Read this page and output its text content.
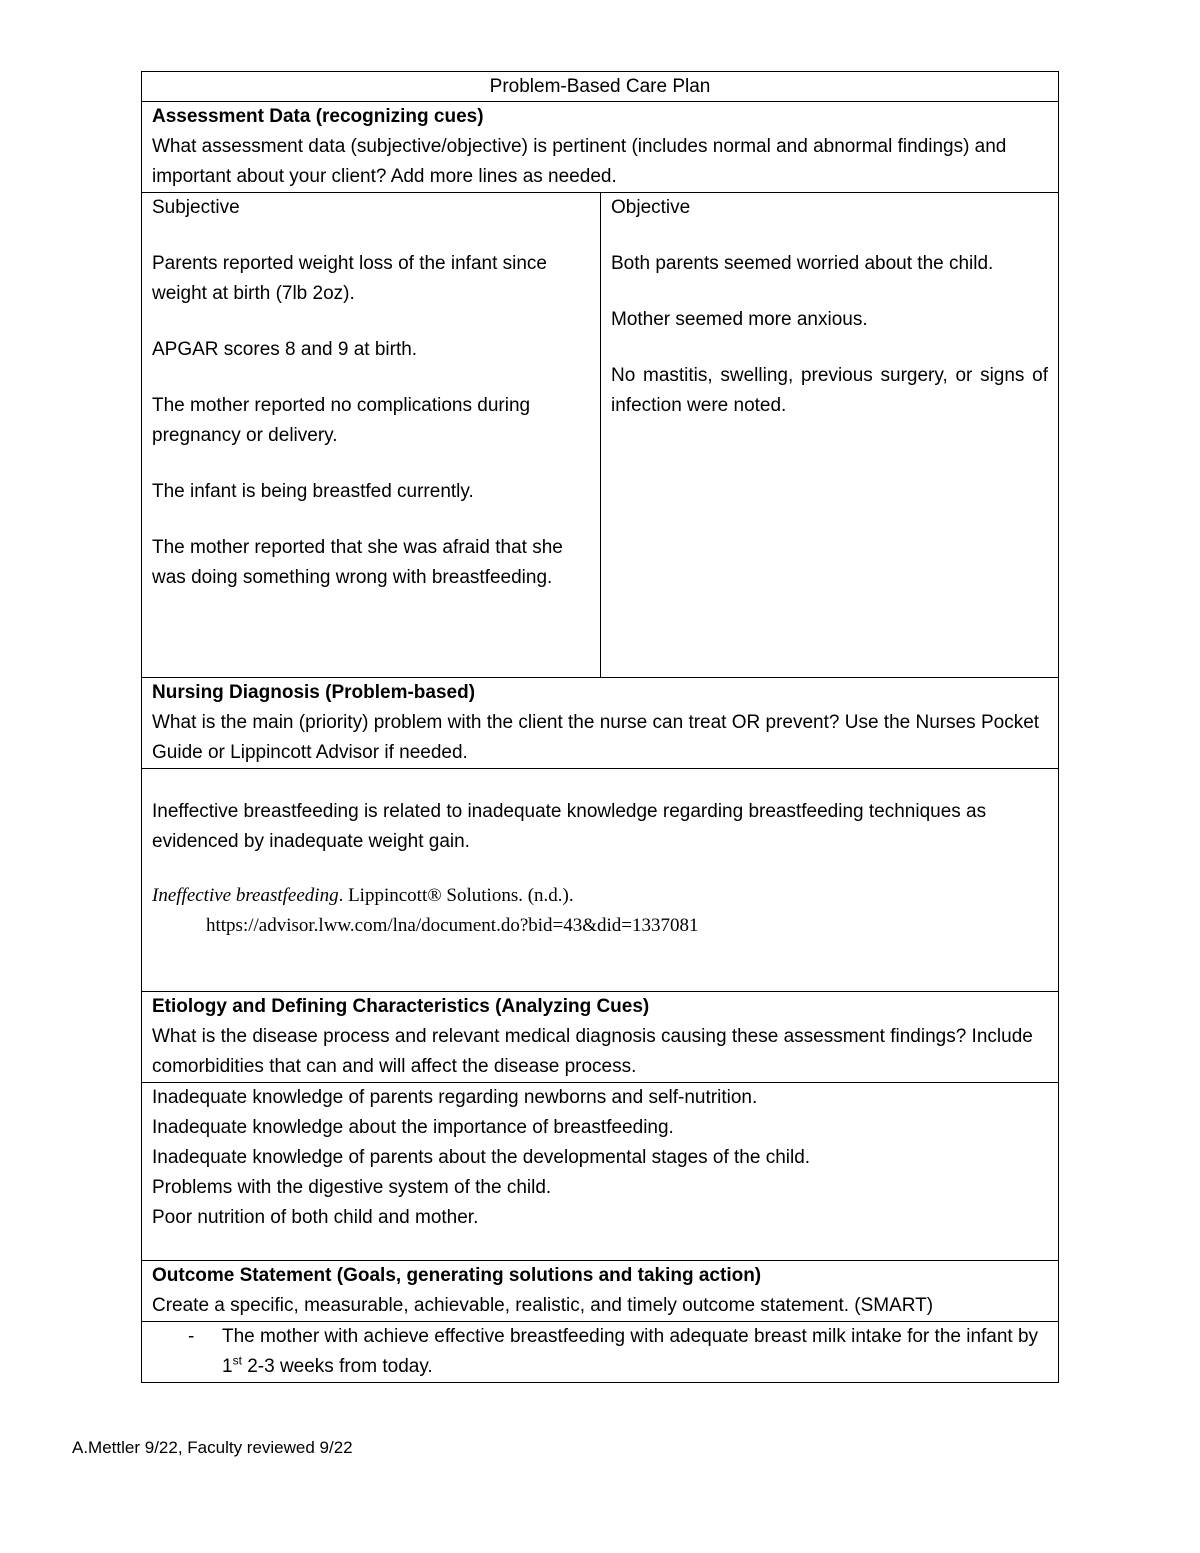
Problem-Based Care Plan
Assessment Data (recognizing cues)
What assessment data (subjective/objective) is pertinent (includes normal and abnormal findings) and important about your client? Add more lines as needed.
Subjective

Parents reported weight loss of the infant since weight at birth (7lb 2oz).

APGAR scores 8 and 9 at birth.

The mother reported no complications during pregnancy or delivery.

The infant is being breastfed currently.

The mother reported that she was afraid that she was doing something wrong with breastfeeding.

Objective

Both parents seemed worried about the child.

Mother seemed more anxious.

No mastitis, swelling, previous surgery, or signs of infection were noted.

Nursing Diagnosis (Problem-based)
What is the main (priority) problem with the client the nurse can treat OR prevent? Use the Nurses Pocket Guide or Lippincott Advisor if needed.

Ineffective breastfeeding is related to inadequate knowledge regarding breastfeeding techniques as evidenced by inadequate weight gain.

Ineffective breastfeeding. Lippincott® Solutions. (n.d.).
https://advisor.lww.com/lna/document.do?bid=43&did=1337081
Etiology and Defining Characteristics (Analyzing Cues)
What is the disease process and relevant medical diagnosis causing these assessment findings? Include comorbidities that can and will affect the disease process.
Inadequate knowledge of parents regarding newborns and self-nutrition.
Inadequate knowledge about the importance of breastfeeding.
Inadequate knowledge of parents about the developmental stages of the child.
Problems with the digestive system of the child.
Poor nutrition of both child and mother.
Outcome Statement (Goals, generating solutions and taking action)
Create a specific, measurable, achievable, realistic, and timely outcome statement. (SMART)
- The mother with achieve effective breastfeeding with adequate breast milk intake for the infant by 1st 2-3 weeks from today.
A.Mettler 9/22, Faculty reviewed 9/22
